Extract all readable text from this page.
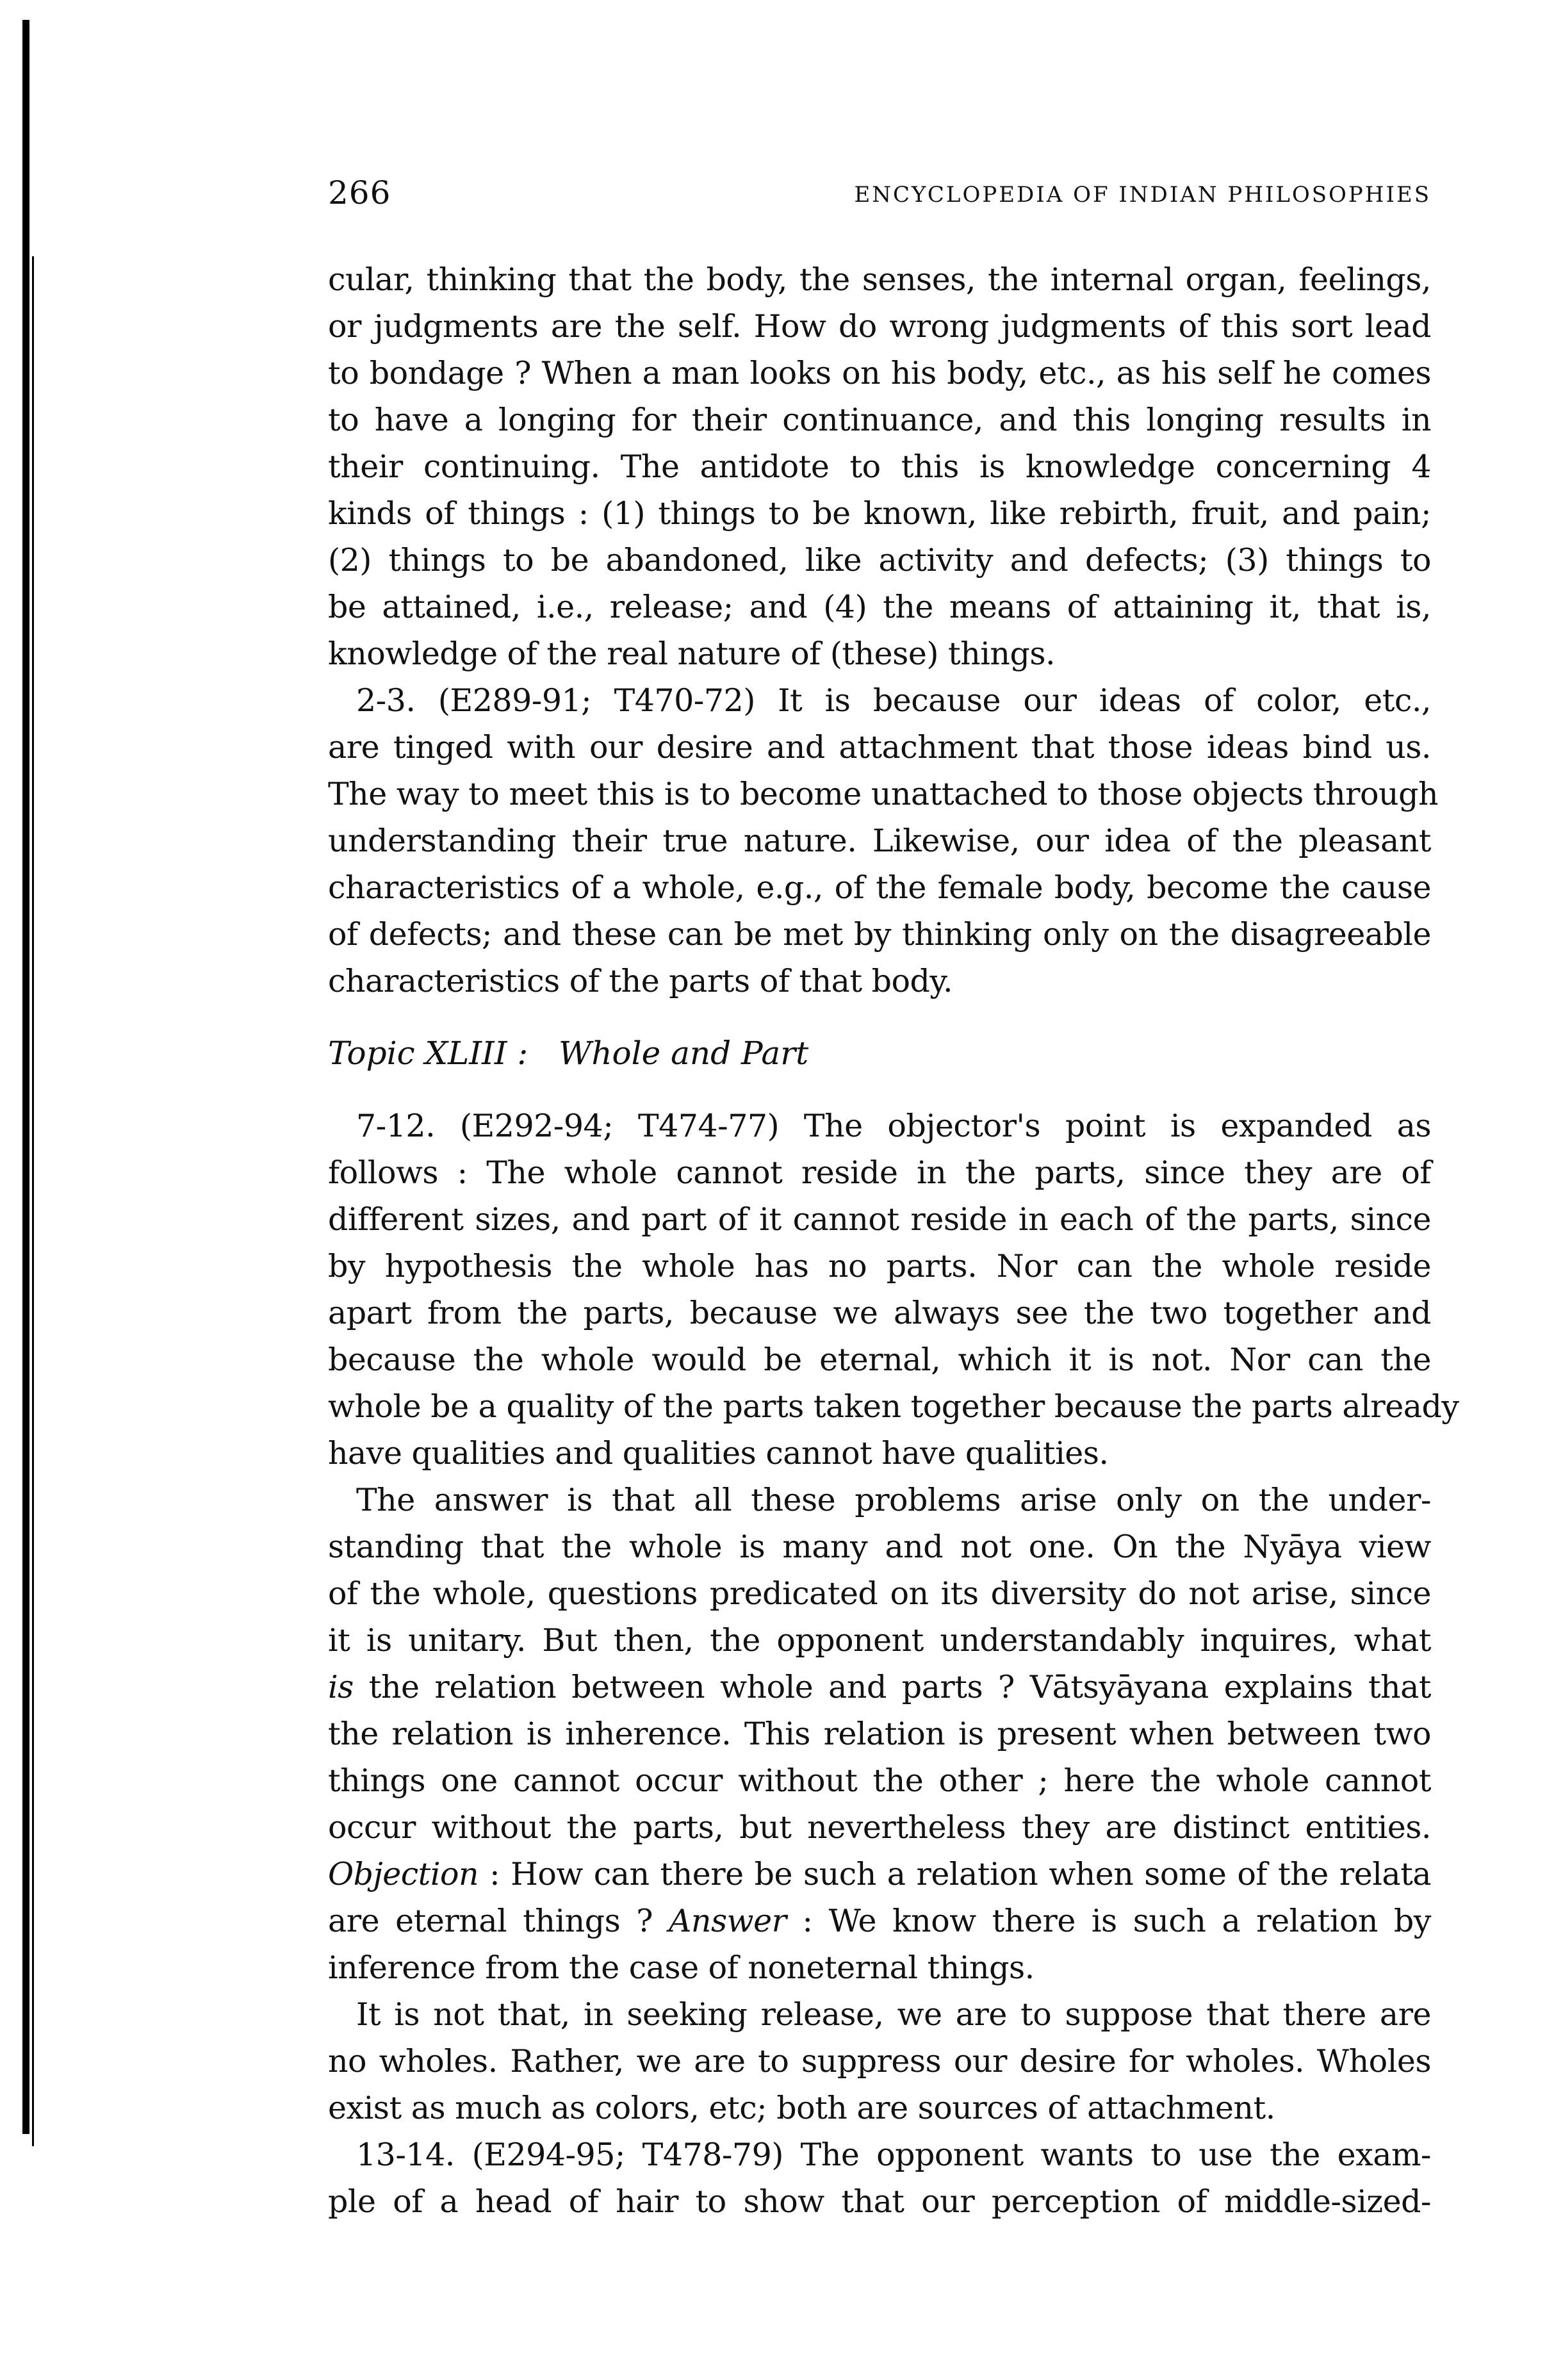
266	ENCYCLOPEDIA OF INDIAN PHILOSOPHIES
cular, thinking that the body, the senses, the internal organ, feelings,
or judgments are the self. How do wrong judgments of this sort lead
to bondage ? When a man looks on his body, etc., as his self he comes
to have a longing for their continuance, and this longing results in
their continuing. The antidote to this is knowledge concerning 4
kinds of things : (1) things to be known, like rebirth, fruit, and pain;
(2) things to be abandoned, like activity and defects; (3) things to
be attained, i.e., release; and (4) the means of attaining it, that is,
knowledge of the real nature of (these) things.
2-3. (E289-91; T470-72) It is because our ideas of color, etc.,
are tinged with our desire and attachment that those ideas bind us.
The way to meet this is to become unattached to those objects through
understanding their true nature. Likewise, our idea of the pleasant
characteristics of a whole, e.g., of the female body, become the cause
of defects; and these can be met by thinking only on the disagreeable
characteristics of the parts of that body.
Topic XLIII : Whole and Part
7-12. (E292-94; T474-77) The objector's point is expanded as
follows : The whole cannot reside in the parts, since they are of
different sizes, and part of it cannot reside in each of the parts, since
by hypothesis the whole has no parts. Nor can the whole reside
apart from the parts, because we always see the two together and
because the whole would be eternal, which it is not. Nor can the
whole be a quality of the parts taken together because the parts already
have qualities and qualities cannot have qualities.
The answer is that all these problems arise only on the under-
standing that the whole is many and not one. On the Nyāya view
of the whole, questions predicated on its diversity do not arise, since
it is unitary. But then, the opponent understandably inquires, what
is the relation between whole and parts ? Vātsyāyana explains that
the relation is inherence. This relation is present when between two
things one cannot occur without the other ; here the whole cannot
occur without the parts, but nevertheless they are distinct entities.
Objection : How can there be such a relation when some of the relata
are eternal things ? Answer : We know there is such a relation by
inference from the case of noneternal things.
It is not that, in seeking release, we are to suppose that there are
no wholes. Rather, we are to suppress our desire for wholes. Wholes
exist as much as colors, etc; both are sources of attachment.
13-14. (E294-95; T478-79) The opponent wants to use the exam-
ple of a head of hair to show that our perception of middle-sized-
